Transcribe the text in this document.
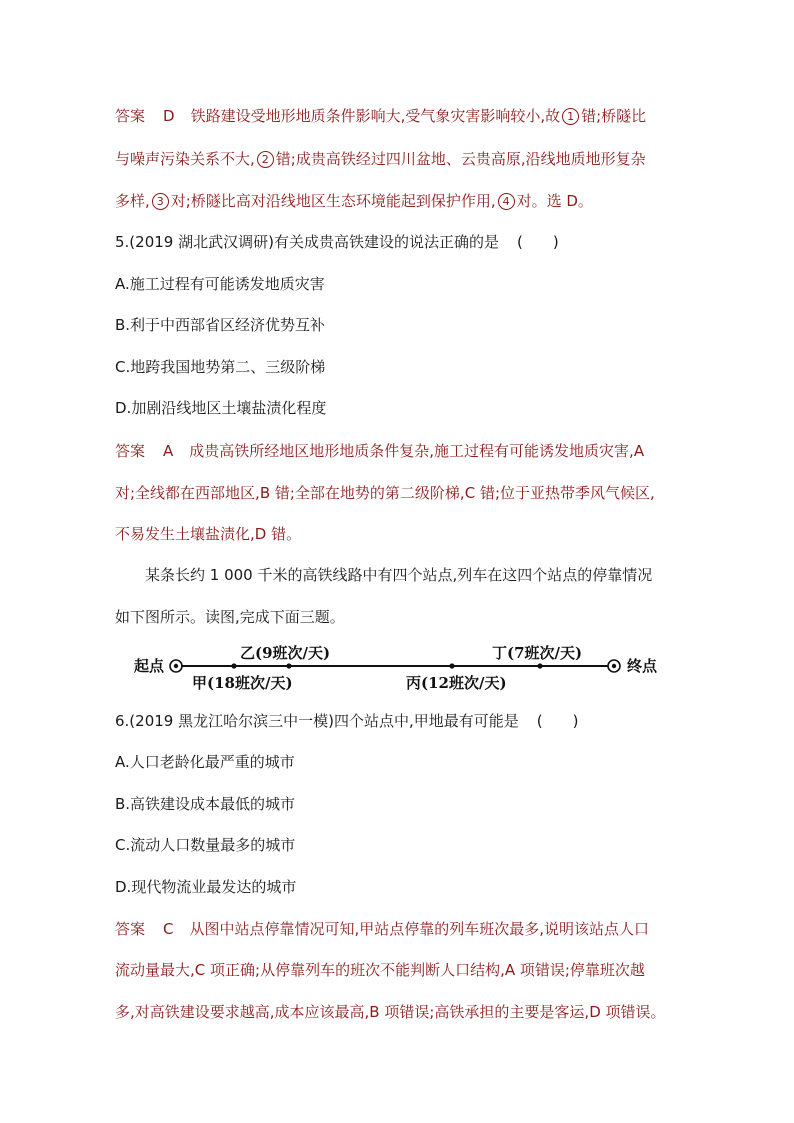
答案 D 铁路建设受地形地质条件影响大,受气象灾害影响较小,故 1 错;桥隧比
与噪声污染关系不大, 2 错;成贵高铁经过四川盆地、云贵高原,沿线地质地形复杂
多样, 3 对;桥隧比高对沿线地区生态环境能起到保护作用, 4 对。选 D。
5.(2019 湖北武汉调研)有关成贵高铁建设的说法正确的是 (　　)
A.施工过程有可能诱发地质灾害
B.利于中西部省区经济优势互补
C.地跨我国地势第二、三级阶梯
D.加剧沿线地区土壤盐渍化程度
答案 A 成贵高铁所经地区地形地质条件复杂,施工过程有可能诱发地质灾害,A
对;全线都在西部地区,B 错;全部在地势的第二级阶梯,C 错;位于亚热带季风气候区,
不易发生土壤盐渍化,D 错。
某条长约 1 000 千米的高铁线路中有四个站点,列车在这四个站点的停靠情况
如下图所示。读图,完成下面三题。
起点	终点
甲(18班次/天)
乙(9班次/天)
丙(12班次/天)
丁(7班次/天)
6.(2019 黑龙江哈尔滨三中一模)四个站点中,甲地最有可能是 (　　)
A.人口老龄化最严重的城市
B.高铁建设成本最低的城市
C.流动人口数量最多的城市
D.现代物流业最发达的城市
答案 C 从图中站点停靠情况可知,甲站点停靠的列车班次最多,说明该站点人口
流动量最大,C 项正确;从停靠列车的班次不能判断人口结构,A 项错误;停靠班次越
多,对高铁建设要求越高,成本应该最高,B 项错误;高铁承担的主要是客运,D 项错误。
